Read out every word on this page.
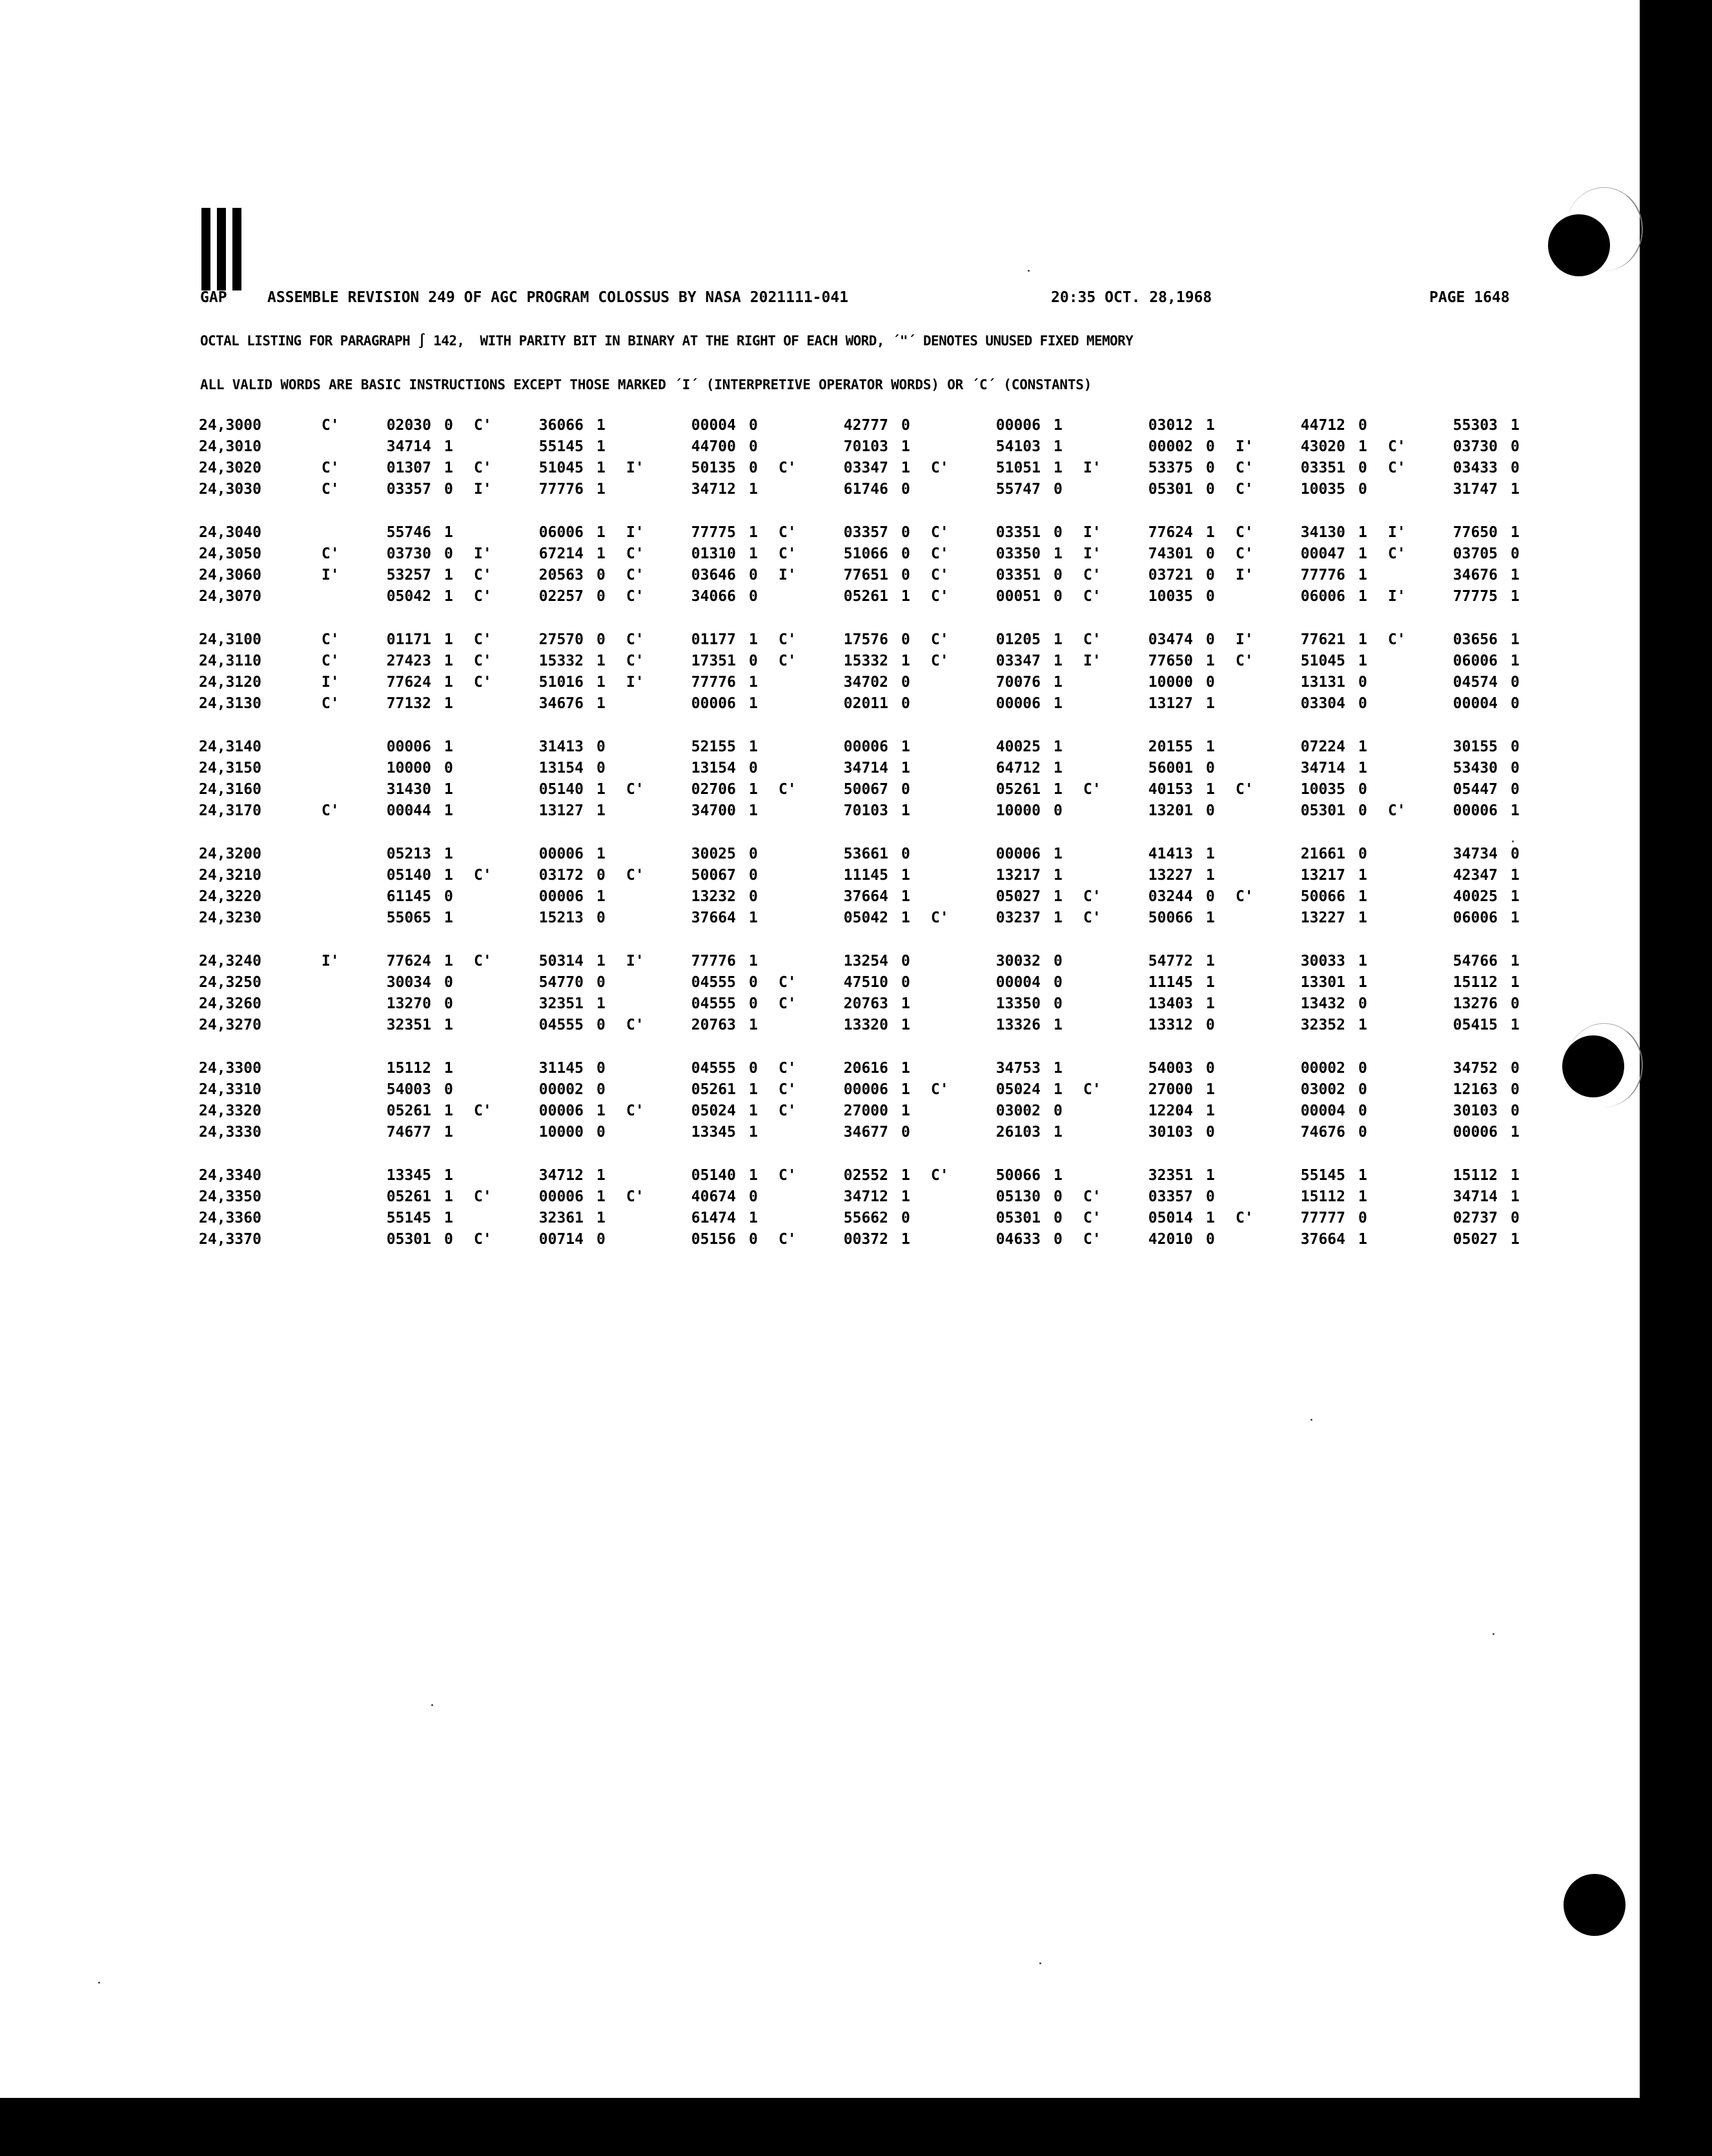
GAP

	ASSEMBLE REVISION 249 OF AGC PROGRAM COLOSSUS BY NASA 2021111-041

	20:35 OCT. 28,1968

	PAGE 1648

OCTAL LISTING FOR PARAGRAPH ∫ 142,  WITH PARITY BIT IN BINARY AT THE RIGHT OF EACH WORD, ´"´ DENOTES UNUSED FIXED MEMORY
ALL VALID WORDS ARE BASIC INSTRUCTIONS EXCEPT THOSE MARKED ´I´ (INTERPRETIVE OPERATOR WORDS) OR ´C´ (CONSTANTS)
24,3000	C'	02030 0 C'	36066 1	00004 0	42777 0	00006 1	03012 1	44712 0	55303 1
24,3010	34714 1	55145 1	44700 0	70103 1	54103 1	00002 0 I'	43020 1 C'	03730 0
24,3020	C'	01307 1 C'	51045 1 I'	50135 0 C'	03347 1 C'	51051 1 I'	53375 0 C'	03351 0 C'	03433 0
24,3030	C'	03357 0 I'	77776 1	34712 1	61746 0	55747 0	05301 0 C'	10035 0	31747 1
24,3040	55746 1	06006 1 I'	77775 1 C'	03357 0 C'	03351 0 I'	77624 1 C'	34130 1 I'	77650 1
24,3050	C'	03730 0 I'	67214 1 C'	01310 1 C'	51066 0 C'	03350 1 I'	74301 0 C'	00047 1 C'	03705 0
24,3060	I'	53257 1 C'	20563 0 C'	03646 0 I'	77651 0 C'	03351 0 C'	03721 0 I'	77776 1	34676 1
24,3070	05042 1 C'	02257 0 C'	34066 0	05261 1 C'	00051 0 C'	10035 0	06006 1 I'	77775 1
24,3100	C'	01171 1 C'	27570 0 C'	01177 1 C'	17576 0 C'	01205 1 C'	03474 0 I'	77621 1 C'	03656 1
24,3110	C'	27423 1 C'	15332 1 C'	17351 0 C'	15332 1 C'	03347 1 I'	77650 1 C'	51045 1	06006 1
24,3120	I'	77624 1 C'	51016 1 I'	77776 1	34702 0	70076 1	10000 0	13131 0	04574 0
24,3130	C'	77132 1	34676 1	00006 1	02011 0	00006 1	13127 1	03304 0	00004 0
24,3140	00006 1	31413 0	52155 1	00006 1	40025 1	20155 1	07224 1	30155 0
24,3150	10000 0	13154 0	13154 0	34714 1	64712 1	56001 0	34714 1	53430 0
24,3160	31430 1	05140 1 C'	02706 1 C'	50067 0	05261 1 C'	40153 1 C'	10035 0	05447 0
24,3170	C'	00044 1	13127 1	34700 1	70103 1	10000 0	13201 0	05301 0 C'	00006 1
24,3200	05213 1	00006 1	30025 0	53661 0	00006 1	41413 1	21661 0	34734 0
24,3210	05140 1 C'	03172 0 C'	50067 0	11145 1	13217 1	13227 1	13217 1	42347 1
24,3220	61145 0	00006 1	13232 0	37664 1	05027 1 C'	03244 0 C'	50066 1	40025 1
24,3230	55065 1	15213 0	37664 1	05042 1 C'	03237 1 C'	50066 1	13227 1	06006 1
24,3240	I'	77624 1 C'	50314 1 I'	77776 1	13254 0	30032 0	54772 1	30033 1	54766 1
24,3250	30034 0	54770 0	04555 0 C'	47510 0	00004 0	11145 1	13301 1	15112 1
24,3260	13270 0	32351 1	04555 0 C'	20763 1	13350 0	13403 1	13432 0	13276 0
24,3270	32351 1	04555 0 C'	20763 1	13320 1	13326 1	13312 0	32352 1	05415 1
24,3300	15112 1	31145 0	04555 0 C'	20616 1	34753 1	54003 0	00002 0	34752 0
24,3310	54003 0	00002 0	05261 1 C'	00006 1 C'	05024 1 C'	27000 1	03002 0	12163 0
24,3320	05261 1 C'	00006 1 C'	05024 1 C'	27000 1	03002 0	12204 1	00004 0	30103 0
24,3330	74677 1	10000 0	13345 1	34677 0	26103 1	30103 0	74676 0	00006 1
24,3340	13345 1	34712 1	05140 1 C'	02552 1 C'	50066 1	32351 1	55145 1	15112 1
24,3350	05261 1 C'	00006 1 C'	40674 0	34712 1	05130 0 C'	03357 0	15112 1	34714 1
24,3360	55145 1	32361 1	61474 1	55662 0	05301 0 C'	05014 1 C'	77777 0	02737 0
24,3370	05301 0 C'	00714 0	05156 0 C'	00372 1	04633 0 C'	42010 0	37664 1	05027 1
